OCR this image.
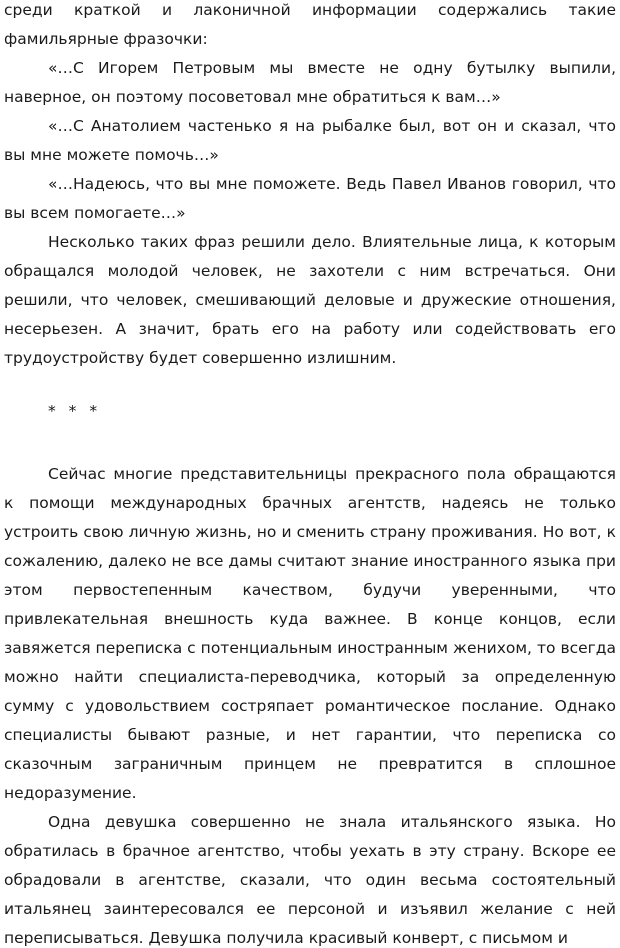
среди краткой и лаконичной информации содержались такие фамильярные фразочки:

«…С Игорем Петровым мы вместе не одну бутылку выпили, наверное, он поэтому посоветовал мне обратиться к вам…»

«…С Анатолием частенько я на рыбалке был, вот он и сказал, что вы мне можете помочь…»

«…Надеюсь, что вы мне поможете. Ведь Павел Иванов говорил, что вы всем помогаете…»

Несколько таких фраз решили дело. Влиятельные лица, к которым обращался молодой человек, не захотели с ним встречаться. Они решили, что человек, смешивающий деловые и дружеские отношения, несерьезен. А значит, брать его на работу или содействовать его трудоустройству будет совершенно излишним.

* * *

Сейчас многие представительницы прекрасного пола обращаются к помощи международных брачных агентств, надеясь не только устроить свою личную жизнь, но и сменить страну проживания. Но вот, к сожалению, далеко не все дамы считают знание иностранного языка при этом первостепенным качеством, будучи уверенными, что привлекательная внешность куда важнее. В конце концов, если завяжется переписка с потенциальным иностранным женихом, то всегда можно найти специалиста-переводчика, который за определенную сумму с удовольствием состряпает романтическое послание. Однако специалисты бывают разные, и нет гарантии, что переписка со сказочным заграничным принцем не превратится в сплошное недоразумение.

Одна девушка совершенно не знала итальянского языка. Но обратилась в брачное агентство, чтобы уехать в эту страну. Вскоре ее обрадовали в агентстве, сказали, что один весьма состоятельный итальянец заинтересовался ее персоной и изъявил желание с ней переписываться. Девушка получила красивый конверт, с письмом и
